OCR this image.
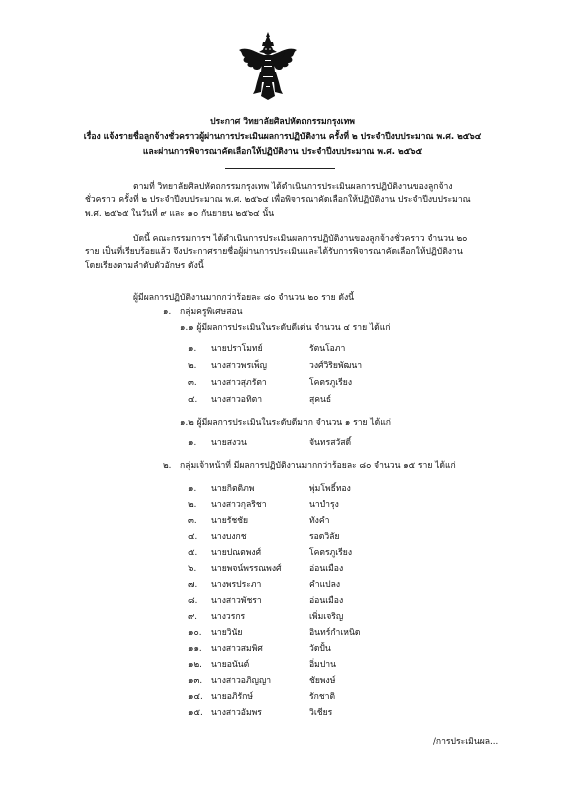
ประกาศ วิทยาลัยศิลปหัตถกรรมกรุงเทพ
เรื่อง แจ้งรายชื่อลูกจ้างชั่วคราวผู้ผ่านการประเมินผลการปฏิบัติงาน ครั้งที่ ๒ ประจำปีงบประมาณ พ.ศ. ๒๕๖๔
และผ่านการพิจารณาคัดเลือกให้ปฏิบัติงาน ประจำปีงบประมาณ พ.ศ. ๒๕๖๕
ตามที่ วิทยาลัยศิลปหัตถกรรมกรุงเทพ ได้ดำเนินการประเมินผลการปฏิบัติงานของลูกจ้างชั่วคราว ครั้งที่ ๒ ประจำปีงบประมาณ พ.ศ. ๒๕๖๔ เพื่อพิจารณาคัดเลือกให้ปฏิบัติงาน ประจำปีงบประมาณ พ.ศ. ๒๕๖๕ ในวันที่ ๙ และ ๑๐ กันยายน ๒๕๖๔ นั้น
บัดนี้ คณะกรรมการฯ ได้ดำเนินการประเมินผลการปฏิบัติงานของลูกจ้างชั่วคราว จำนวน ๒๐ ราย เป็นที่เรียบร้อยแล้ว จึงประกาศรายชื่อผู้ผ่านการประเมินและได้รับการพิจารณาคัดเลือกให้ปฏิบัติงาน โดยเรียงตามลำดับตัวอักษร ดังนี้
ผู้มีผลการปฏิบัติงานมากกว่าร้อยละ ๘๐ จำนวน ๒๐ ราย ดังนี้
๑. กลุ่มครูพิเศษสอน
๑.๑ ผู้มีผลการประเมินในระดับดีเด่น จำนวน ๔ ราย ได้แก่
๑. นายปราโมทย์	รัตนโอภา
๒. นางสาวพรเพ็ญ	วงศ์วิริยพัฒนา
๓. นางสาวสุภรัตา	โคตรภูเรียง
๔. นางสาวอทิตา	สุคนธ์
๑.๒ ผู้มีผลการประเมินในระดับดีมาก จำนวน ๑ ราย ได้แก่
๑. นายสงวน	จันทรสวัสดิ์
๒. กลุ่มเจ้าหน้าที่ มีผลการปฏิบัติงานมากกว่าร้อยละ ๘๐ จำนวน ๑๕ ราย ได้แก่
๑. นายกิตติภพ	พุ่มโพธิ์ทอง
๒. นางสาวกุลริชา	นาบำรุง
๓. นายรัชชัย	ทังคำ
๔. นางบงกช	รอดวิลัย
๕. นายปณตพงศ์	โคตรภูเรียง
๖. นายพจน์พรรณพงศ์	อ่อนเมือง
๗. นางพรประภา	คำแปลง
๘. นางสาวพัชรา	อ่อนเมือง
๙. นางวรกร	เพิ่มเจริญ
๑๐. นายวินัย	อินทร์กำเหนิด
๑๑. นางสาวสมพิศ	วัดปั้น
๑๒. นายอนันต์	อิ่มปาน
๑๓. นางสาวอภิญญา	ชัยพงษ์
๑๔. นายอภิรักษ์	รักชาติ
๑๕. นางสาวอัมพร	วิเชียร
/การประเมินผล...
